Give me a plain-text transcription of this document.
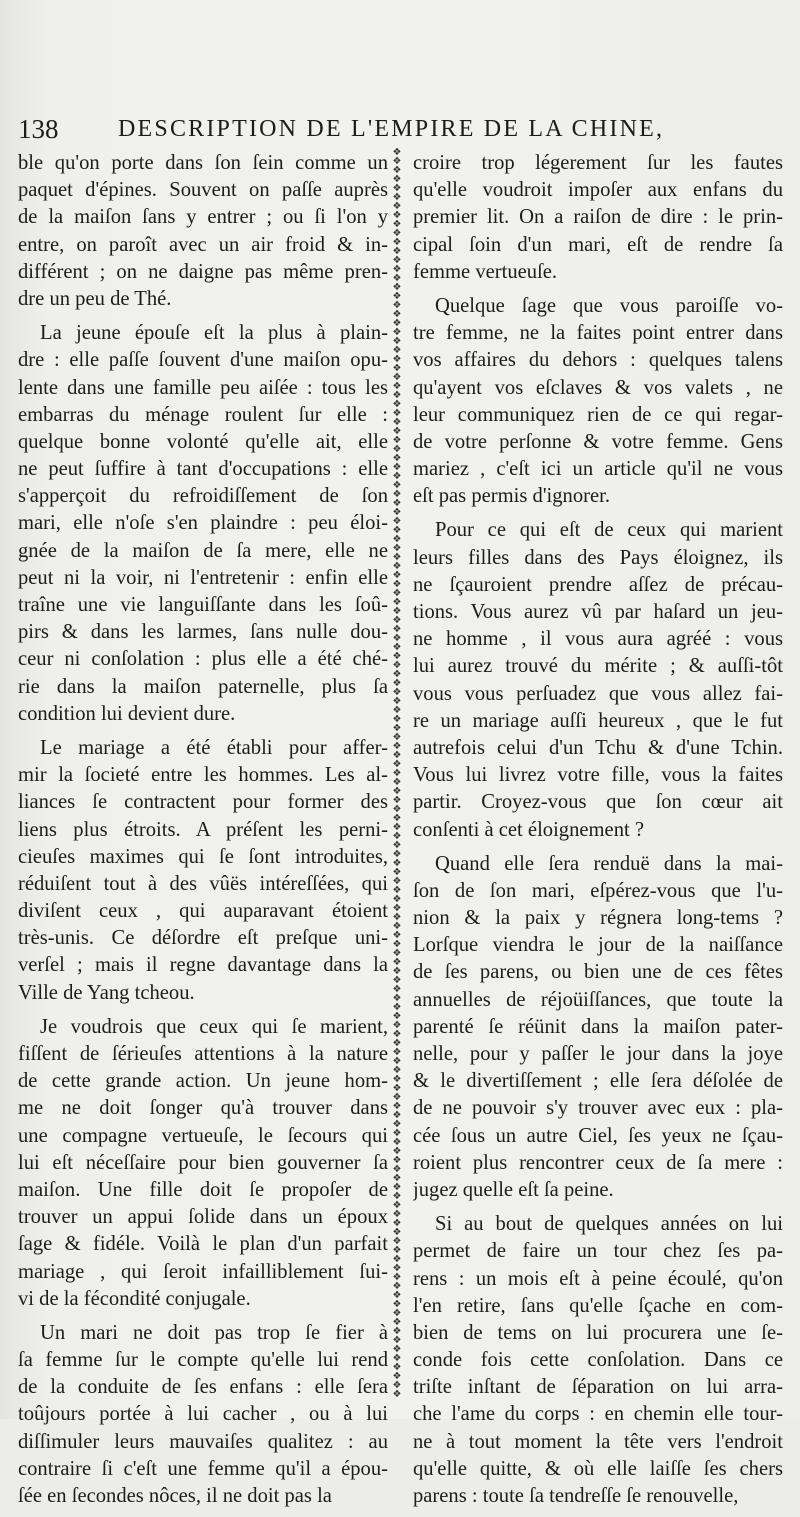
138 DESCRIPTION DE L'EMPIRE DE LA CHINE,
ble qu'on porte dans ſon ſein comme un
paquet d'épines. Souvent on paſſe auprès
de la maiſon ſans y entrer ; ou ſi l'on y
entre, on paroît avec un air froid & in-
différent ; on ne daigne pas même pren-
dre un peu de Thé.
La jeune épouſe eſt la plus à plain-
dre : elle paſſe ſouvent d'une maiſon opu-
lente dans une famille peu aiſée : tous les
embarras du ménage roulent ſur elle :
quelque bonne volonté qu'elle ait, elle
ne peut ſuffire à tant d'occupations : elle
s'apperçoit du refroidiſſement de ſon
mari, elle n'oſe s'en plaindre : peu éloi-
gnée de la maiſon de ſa mere, elle ne
peut ni la voir, ni l'entretenir : enfin elle
traîne une vie languiſſante dans les ſoû-
pirs & dans les larmes, ſans nulle dou-
ceur ni conſolation : plus elle a été ché-
rie dans la maiſon paternelle, plus ſa
condition lui devient dure.
Le mariage a été établi pour affer-
mir la ſocieté entre les hommes. Les al-
liances ſe contractent pour former des
liens plus étroits. A préſent les perni-
cieuſes maximes qui ſe ſont introduites,
réduiſent tout à des vûës intéreſſées, qui
diviſent ceux , qui auparavant étoient
très-unis. Ce déſordre eſt preſque uni-
verſel ; mais il regne davantage dans la
Ville de Yang tcheou.
Je voudrois que ceux qui ſe marient,
fiſſent de ſérieuſes attentions à la nature
de cette grande action. Un jeune hom-
me ne doit ſonger qu'à trouver dans
une compagne vertueuſe, le ſecours qui
lui eſt néceſſaire pour bien gouverner ſa
maiſon. Une fille doit ſe propoſer de
trouver un appui ſolide dans un époux
ſage & fidéle. Voilà le plan d'un parfait
mariage , qui ſeroit infailliblement ſui-
vi de la fécondité conjugale.
Un mari ne doit pas trop ſe fier à
ſa femme ſur le compte qu'elle lui rend
de la conduite de ſes enfans : elle ſera
toûjours portée à lui cacher , ou à lui
diſſimuler leurs mauvaiſes qualitez : au
contraire ſi c'eſt une femme qu'il a épou-
ſée en ſecondes nôces, il ne doit pas la
❖
❖
❖
❖
❖
❖
❖
❖
❖
❖
❖
❖
❖
❖
❖
❖
❖
❖
❖
❖
❖
❖
❖
❖
❖
❖
❖
❖
❖
❖
❖
❖
❖
❖
❖
❖
❖
❖
❖
❖
❖
❖
❖
❖
❖
❖
❖
❖
❖
❖
❖
❖
❖
❖
❖
❖
❖
❖
❖
❖
❖
❖
❖
❖
❖
❖
❖
❖
❖
❖
❖
❖
❖
❖
❖
❖
❖
❖
❖
❖
❖
❖
❖
❖
❖
❖
❖
❖
❖
❖
❖
❖
❖
❖
❖
❖
❖
❖
❖
❖
❖
❖
❖
❖
❖
❖
❖
❖
❖
❖
❖
❖
❖
❖
❖
❖
❖
❖
❖
❖
❖
❖
❖
❖
❖
❖
❖
❖
❖
❖
❖
❖
❖
❖
❖
❖
❖
❖
❖
croire trop légerement ſur les fautes
qu'elle voudroit impoſer aux enfans du
premier lit. On a raiſon de dire : le prin-
cipal ſoin d'un mari, eſt de rendre ſa
femme vertueuſe.
Quelque ſage que vous paroiſſe vo-
tre femme, ne la faites point entrer dans
vos affaires du dehors : quelques talens
qu'ayent vos eſclaves & vos valets , ne
leur communiquez rien de ce qui regar-
de votre perſonne & votre femme. Gens
mariez , c'eſt ici un article qu'il ne vous
eſt pas permis d'ignorer.
Pour ce qui eſt de ceux qui marient
leurs filles dans des Pays éloignez, ils
ne ſçauroient prendre aſſez de précau-
tions. Vous aurez vû par haſard un jeu-
ne homme , il vous aura agréé : vous
lui aurez trouvé du mérite ; & auſſi-tôt
vous vous perſuadez que vous allez fai-
re un mariage auſſi heureux , que le fut
autrefois celui d'un Tchu & d'une Tchin.
Vous lui livrez votre fille, vous la faites
partir. Croyez-vous que ſon cœur ait
conſenti à cet éloignement ?
Quand elle ſera renduë dans la mai-
ſon de ſon mari, eſpérez-vous que l'u-
nion & la paix y régnera long-tems ?
Lorſque viendra le jour de la naiſſance
de ſes parens, ou bien une de ces fêtes
annuelles de réjoüiſſances, que toute la
parenté ſe réünit dans la maiſon pater-
nelle, pour y paſſer le jour dans la joye
& le divertiſſement ; elle ſera déſolée de
de ne pouvoir s'y trouver avec eux : pla-
cée ſous un autre Ciel, ſes yeux ne ſçau-
roient plus rencontrer ceux de ſa mere :
jugez quelle eſt ſa peine.
Si au bout de quelques années on lui
permet de faire un tour chez ſes pa-
rens : un mois eſt à peine écoulé, qu'on
l'en retire, ſans qu'elle ſçache en com-
bien de tems on lui procurera une ſe-
conde fois cette conſolation. Dans ce
triſte inſtant de ſéparation on lui arra-
che l'ame du corps : en chemin elle tour-
ne à tout moment la tête vers l'endroit
qu'elle quitte, & où elle laiſſe ſes chers
parens : toute ſa tendreſſe ſe renouvelle,
